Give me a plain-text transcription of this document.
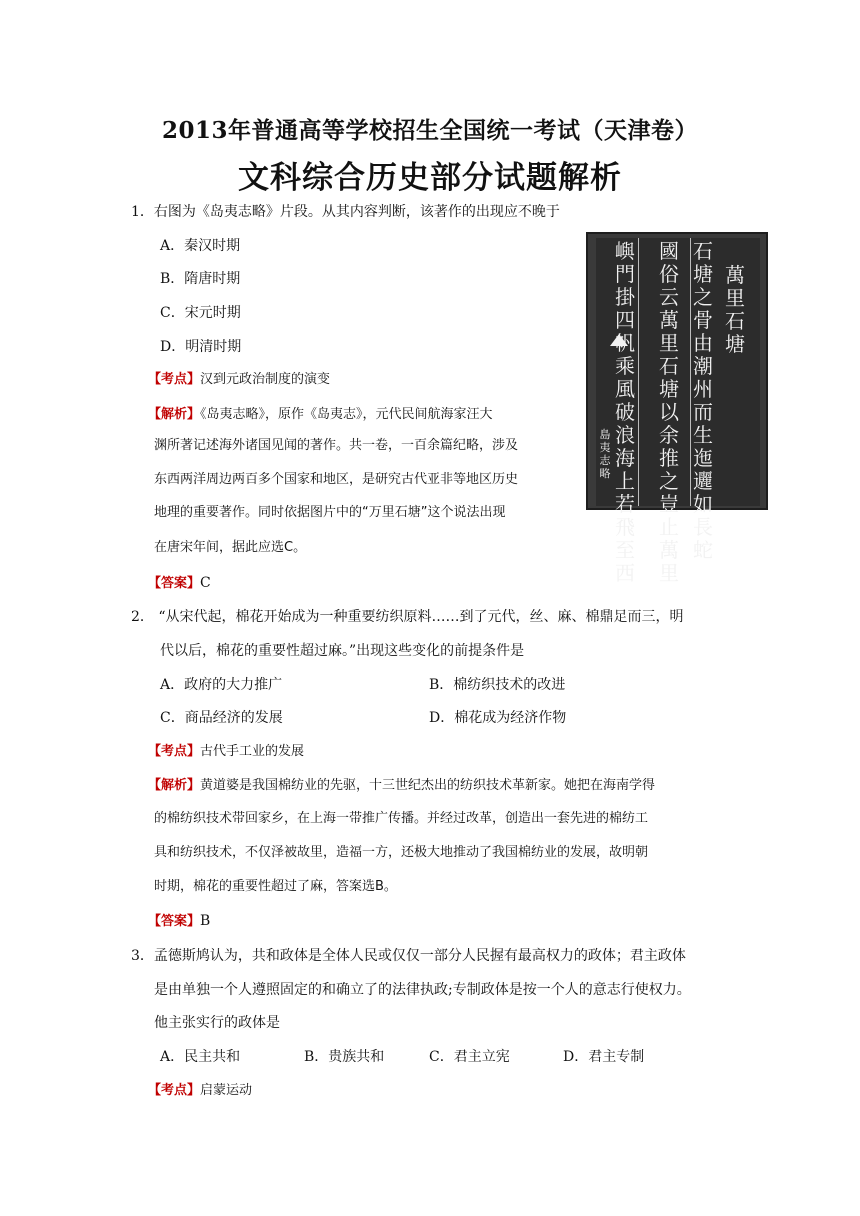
2013年普通高等学校招生全国统一考试（天津卷）
文科综合历史部分试题解析
1．右图为《岛夷志略》片段。从其内容判断，该著作的出现应不晚于
A．秦汉时期
B．隋唐时期
C．宋元时期
D．明清时期
【考点】汉到元政治制度的演变
【解析】《岛夷志略》，原作《岛夷志》，元代民间航海家汪大
渊所著记述海外诸国见闻的著作。共一卷，一百余篇纪略，涉及
东西两洋周边两百多个国家和地区，是研究古代亚非等地区历史
地理的重要著作。同时依据图片中的“万里石塘”这个说法出现
在唐宋年间，据此应选C。
【答案】C
島夷志略
嶼門掛四帆乘風破浪海上若飛至西
國俗云萬里石塘以余推之豈止萬里
石塘之骨由潮州而生迤邐如長蛇
萬里石塘
2． “从宋代起，棉花开始成为一种重要纺织原料……到了元代，丝、麻、棉鼎足而三，明
代以后，棉花的重要性超过麻。”出现这些变化的前提条件是
A．政府的大力推广	B．棉纺织技术的改进
C．商品经济的发展	D．棉花成为经济作物
【考点】古代手工业的发展
【解析】黄道婆是我国棉纺业的先驱，十三世纪杰出的纺织技术革新家。她把在海南学得
的棉纺织技术带回家乡，在上海一带推广传播。并经过改革，创造出一套先进的棉纺工
具和纺织技术，不仅泽被故里，造福一方，还极大地推动了我国棉纺业的发展，故明朝
时期，棉花的重要性超过了麻，答案选B。
【答案】B
3．孟德斯鸠认为，共和政体是全体人民或仅仅一部分人民握有最高权力的政体；君主政体
是由单独一个人遵照固定的和确立了的法律执政;专制政体是按一个人的意志行使权力。
他主张实行的政体是
A．民主共和	B．贵族共和	C．君主立宪	D．君主专制
【考点】启蒙运动
